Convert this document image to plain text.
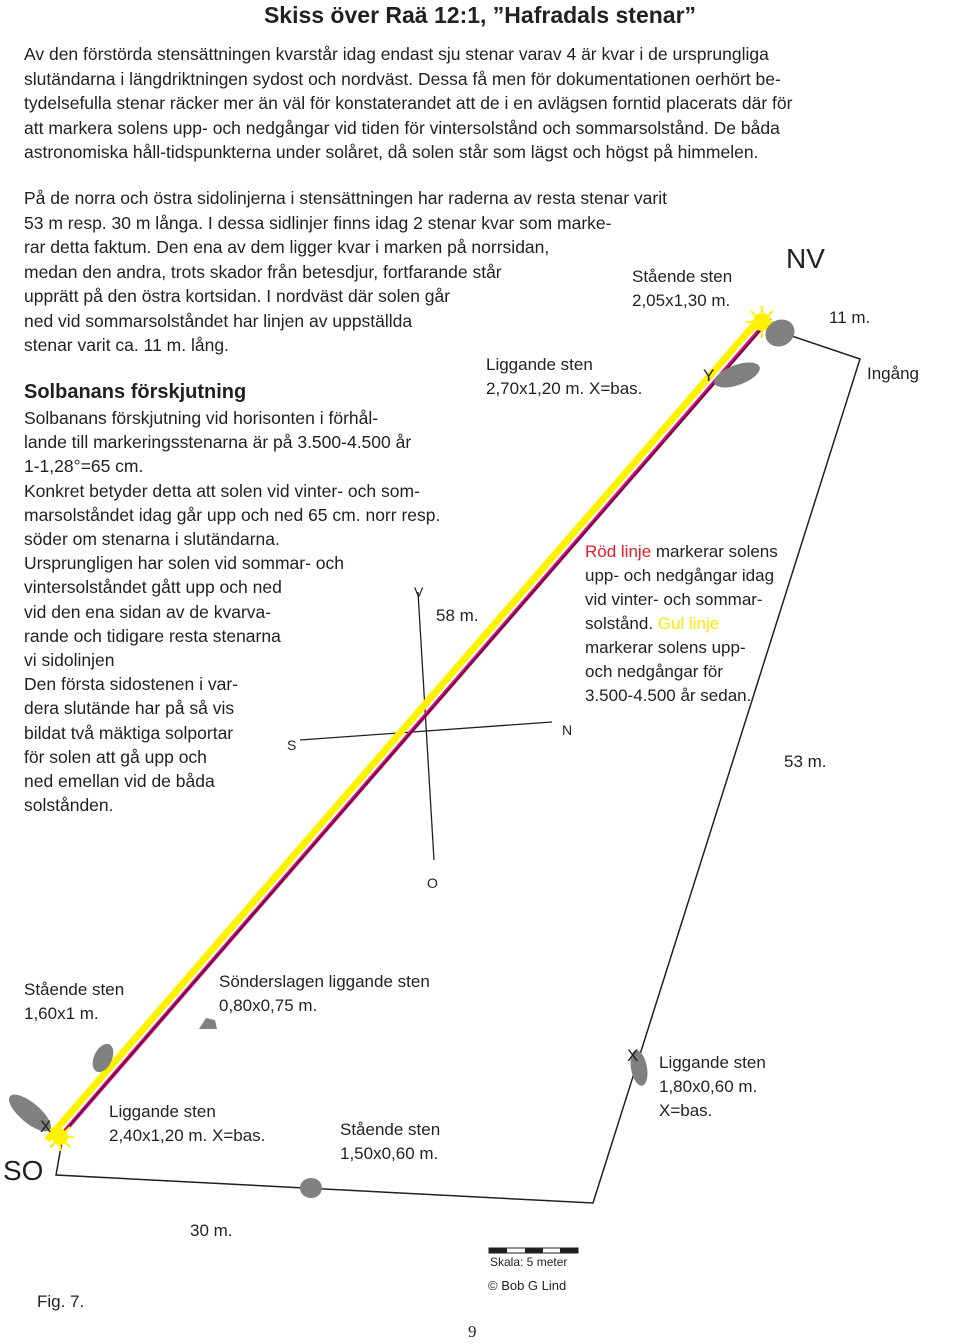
Skiss över Raä 12:1, ”Hafradals stenar”
Av den förstörda stensättningen kvarstår idag endast sju stenar varav 4 är kvar i de ursprungliga
slutändarna i längdriktningen sydost och nordväst. Dessa få men för dokumentationen oerhört be-
tydelsefulla stenar räcker mer än väl för konstaterandet att de i en avlägsen forntid placerats där för
att markera solens upp- och nedgångar vid tiden för vintersolstånd och sommarsolstånd. De båda
astronomiska håll-tidspunkterna under solåret, då solen står som lägst och högst på himmelen.
På de norra och östra sidolinjerna i stensättningen har raderna av resta stenar varit
53 m resp. 30 m långa. I dessa sidlinjer finns idag 2 stenar kvar som marke-
rar detta faktum. Den ena av dem ligger kvar i marken på norrsidan,
medan den andra, trots skador från betesdjur, fortfarande står
upprätt på den östra kortsidan. I nordväst där solen går
ned vid sommarsolståndet har linjen av uppställda
stenar varit ca. 11 m. lång.
Solbanans förskjutning
Solbanans förskjutning vid horisonten i förhål-
lande till markeringsstenarna är på 3.500-4.500 år
1-1,28°=65 cm.
Konkret betyder detta att solen vid vinter- och som-
marsolståndet idag går upp och ned 65 cm. norr resp.
söder om stenarna i slutändarna.
Ursprungligen har solen vid sommar- och
vintersolståndet gått upp och ned
vid den ena sidan av de kvarva-
rande och tidigare resta stenarna
vi sidolinjen
Den första sidostenen i var-
dera slutände har på så vis
bildat två mäktiga solportar
för solen att gå upp och
ned emellan vid de båda
solstånden.
NV
SO
Ingång
11 m.
53 m.
58 m.
30 m.
V
S
N
O
Y
X
X
Stående sten
2,05x1,30 m.
Liggande sten
2,70x1,20 m. X=bas.
Stående sten
1,60x1 m.
Sönderslagen liggande sten
0,80x0,75 m.
Liggande sten
2,40x1,20 m. X=bas.	Stående sten
1,50x0,60 m.
Liggande sten
1,80x0,60 m.
X=bas.
Röd linje markerar solens
upp- och nedgångar idag
vid vinter- och sommar-
solstånd. Gul linje
markerar solens upp-
och nedgångar för
3.500-4.500 år sedan.
Skala: 5 meter
© Bob G Lind
Fig. 7.
9
